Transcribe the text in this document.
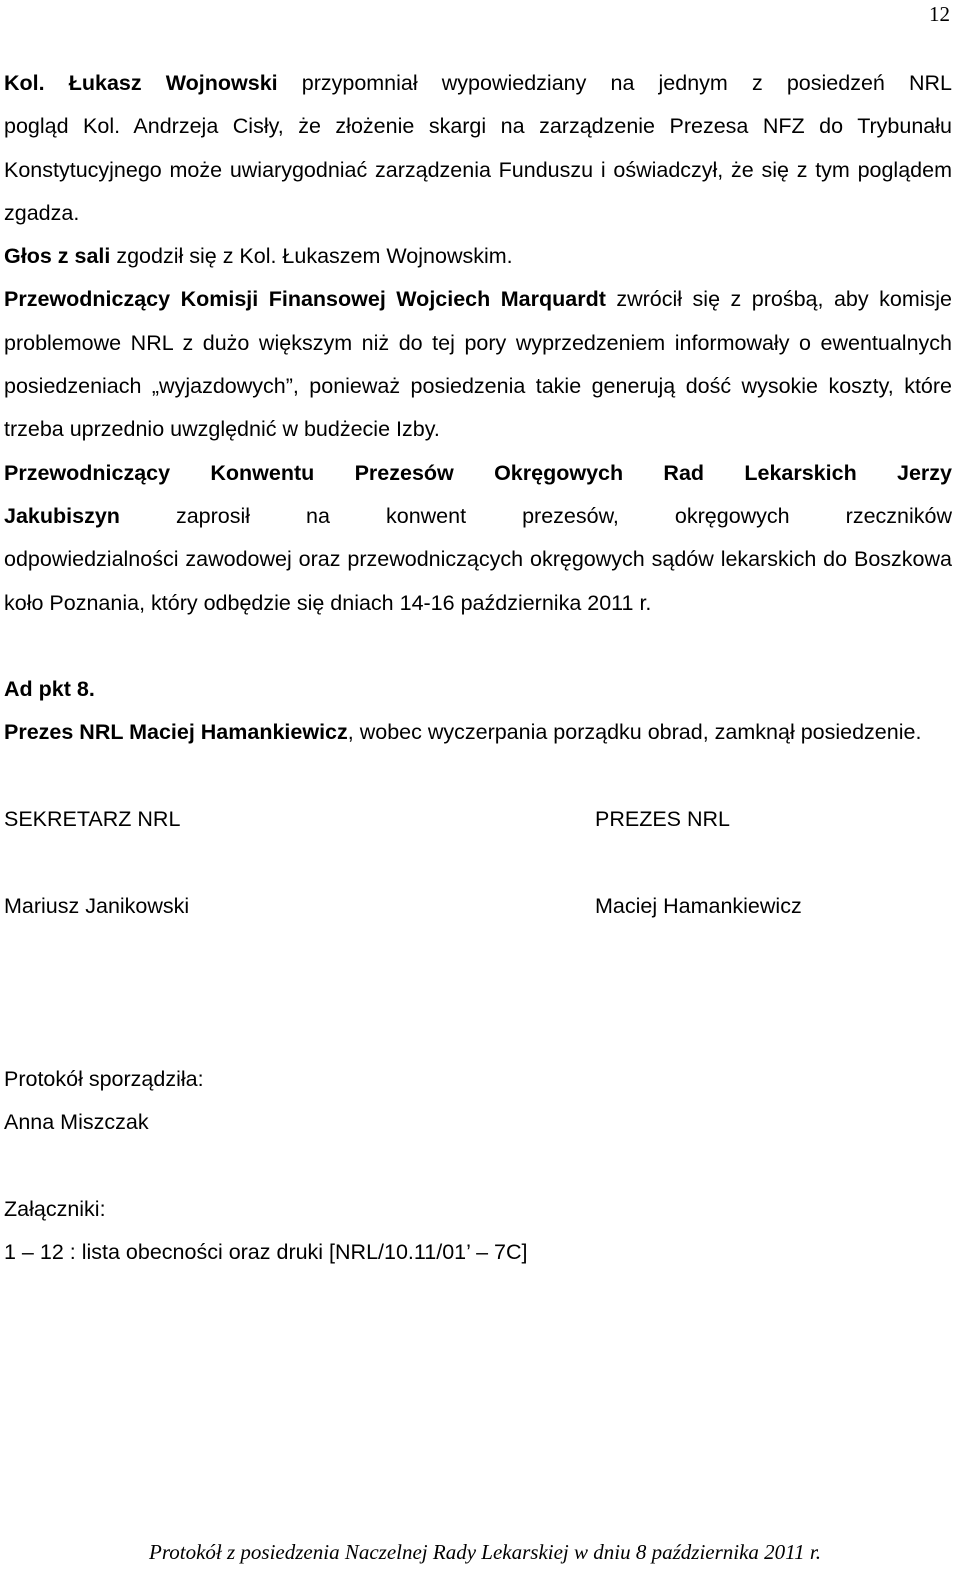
12

Kol. Łukasz Wojnowski przypomniał wypowiedziany na jednym z posiedzeń NRL
pogląd Kol. Andrzeja Cisły, że złożenie skargi na zarządzenie Prezesa NFZ do Trybunału Konstytucyjnego może uwiarygodniać zarządzenia Funduszu i oświadczył, że się z tym poglądem zgadza.

Głos z sali zgodził się z Kol. Łukaszem Wojnowskim.

Przewodniczący Komisji Finansowej Wojciech Marquardt zwrócił się z prośbą, aby komisje problemowe NRL z dużo większym niż do tej pory wyprzedzeniem informowały o ewentualnych posiedzeniach „wyjazdowych”, ponieważ posiedzenia takie generują dość wysokie koszty, które trzeba uprzednio uwzględnić w budżecie Izby.

Przewodniczący Konwentu Prezesów Okręgowych Rad Lekarskich Jerzy
Jakubiszyn zaprosił na konwent prezesów, okręgowych rzeczników
odpowiedzialności zawodowej oraz przewodniczących okręgowych sądów lekarskich do Boszkowa koło Poznania, który odbędzie się dniach 14-16 października 2011 r.

Ad pkt 8.

Prezes NRL Maciej Hamankiewicz, wobec wyczerpania porządku obrad, zamknął posiedzenie.

SEKRETARZ NRL	PREZES NRL
Mariusz Janikowski	Maciej Hamankiewicz

Protokół sporządziła:

Anna Miszczak

Załączniki:

1 – 12 : lista obecności oraz druki [NRL/10.11/01’ – 7C]

Protokół z posiedzenia Naczelnej Rady Lekarskiej w dniu 8 października 2011 r.
